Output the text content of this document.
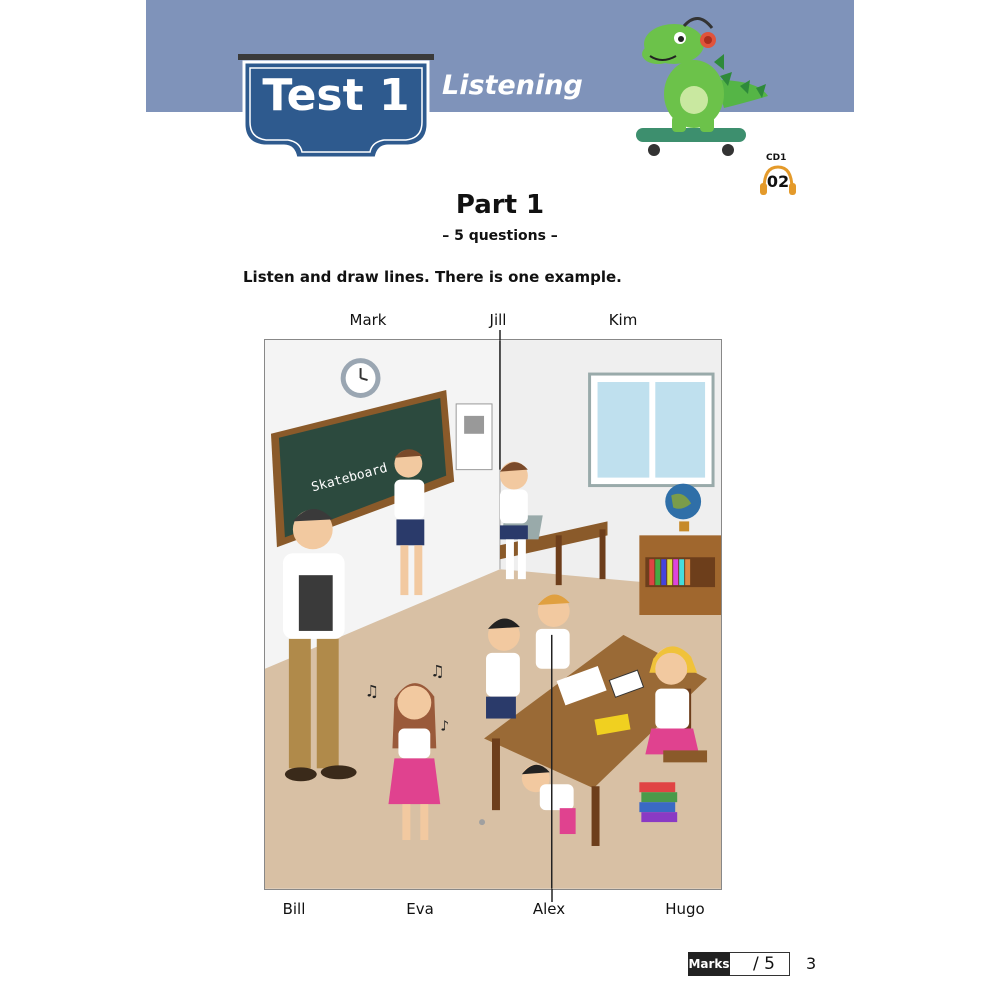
Test 1	Listening
CD1
02
Part 1
– 5 questions –
Listen and draw lines. There is one example.
Mark	Jill	Kim
Skateboard
♫
♫
♪
Bill	Eva	Alex	Hugo
Marks	/ 5	3
